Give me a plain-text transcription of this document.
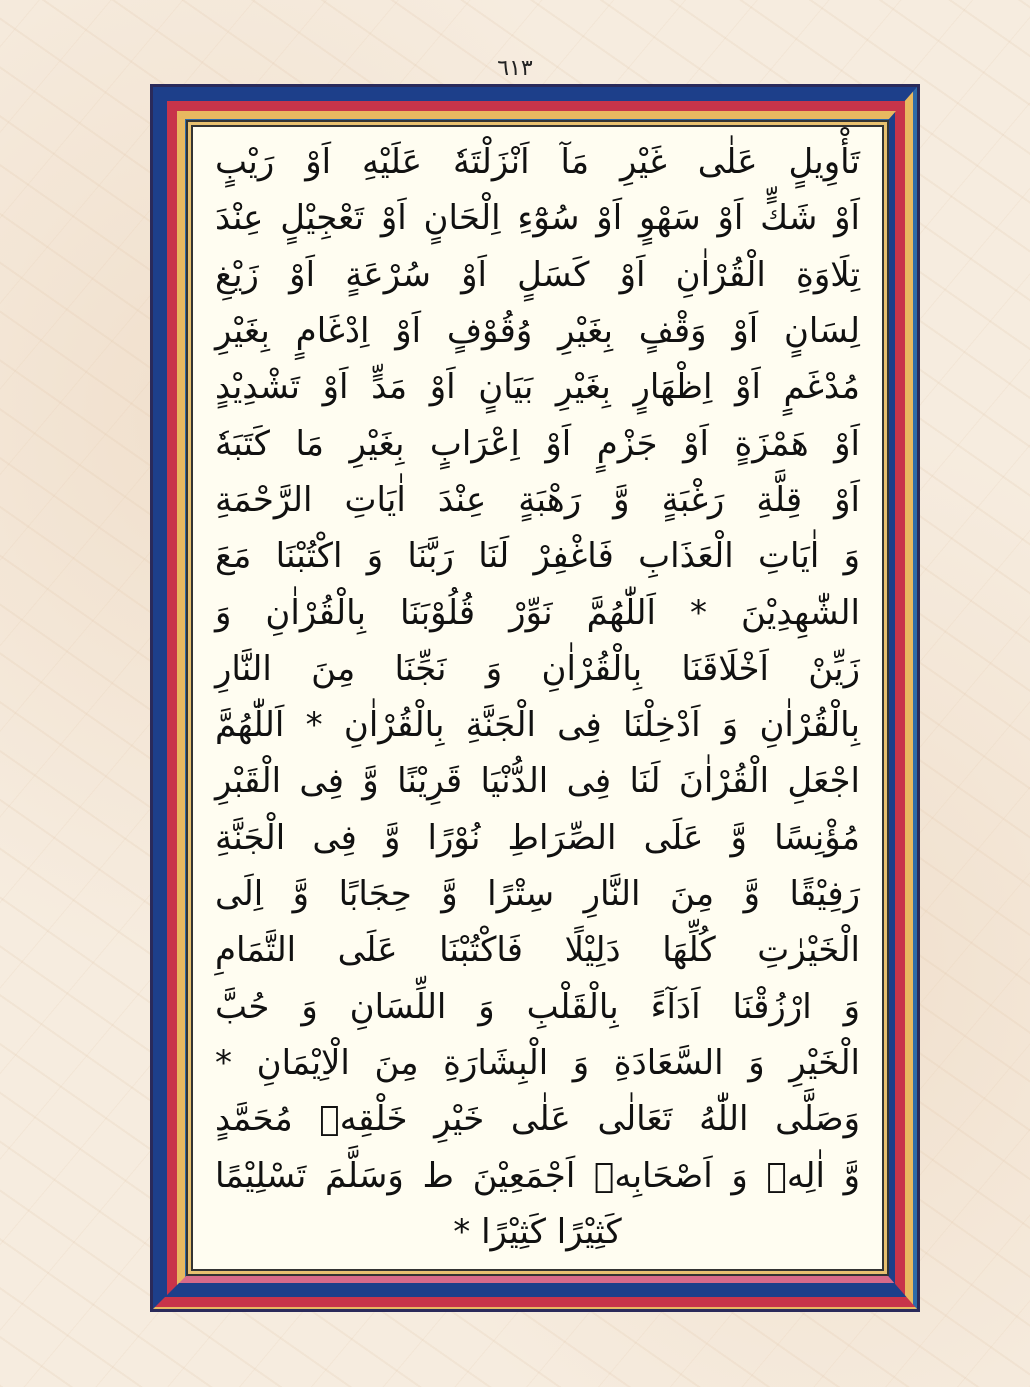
٦١٣
تَأْوِيلٍ عَلٰى غَيْرِ مَآ اَنْزَلْتَهٗ عَلَيْهِ اَوْ رَيْبٍ
اَوْ شَكٍّ اَوْ سَهْوٍ اَوْ سُوْٓءِ اِلْحَانٍ اَوْ تَعْجِيْلٍ عِنْدَ
تِلَاوَةِ الْقُرْاٰنِ اَوْ كَسَلٍ اَوْ سُرْعَةٍ اَوْ زَيْغِ
لِسَانٍ اَوْ وَقْفٍ بِغَيْرِ وُقُوْفٍ اَوْ اِدْغَامٍ بِغَيْرِ
مُدْغَمٍ اَوْ اِظْهَارٍ بِغَيْرِ بَيَانٍ اَوْ مَدٍّ اَوْ تَشْدِيْدٍ
اَوْ هَمْزَةٍ اَوْ جَزْمٍ اَوْ اِعْرَابٍ بِغَيْرِ مَا كَتَبَهٗ
اَوْ قِلَّةِ رَغْبَةٍ وَّ رَهْبَةٍ عِنْدَ اٰيَاتِ الرَّحْمَةِ
وَ اٰيَاتِ الْعَذَابِ فَاغْفِرْ لَنَا رَبَّنَا وَ اكْتُبْنَا مَعَ
الشّٰهِدِيْنَ * اَللّٰهُمَّ نَوِّرْ قُلُوْبَنَا بِالْقُرْاٰنِ وَ
زَيِّنْ اَخْلَاقَنَا بِالْقُرْاٰنِ وَ نَجِّنَا مِنَ النَّارِ
بِالْقُرْاٰنِ وَ اَدْخِلْنَا فِى الْجَنَّةِ بِالْقُرْاٰنِ * اَللّٰهُمَّ
اجْعَلِ الْقُرْاٰنَ لَنَا فِى الدُّنْيَا قَرِيْنًا وَّ فِى الْقَبْرِ
مُؤْنِسًا وَّ عَلَى الصِّرَاطِ نُوْرًا وَّ فِى الْجَنَّةِ
رَفِيْقًا وَّ مِنَ النَّارِ سِتْرًا وَّ حِجَابًا وَّ اِلَى
الْخَيْرٰتِ كُلِّهَا دَلِيْلًا فَاكْتُبْنَا عَلَى التَّمَامِ
وَ ارْزُقْنَا اَدَآءً بِالْقَلْبِ وَ اللِّسَانِ وَ حُبَّ
الْخَيْرِ وَ السَّعَادَةِ وَ الْبِشَارَةِ مِنَ الْاِيْمَانِ *
وَصَلَّى اللّٰهُ تَعَالٰى عَلٰى خَيْرِ خَلْقِهٖ مُحَمَّدٍ
وَّ اٰلِهٖ وَ اَصْحَابِهٖ اَجْمَعِيْنَ ط وَسَلَّمَ تَسْلِيْمًا
كَثِيْرًا كَثِيْرًا *
